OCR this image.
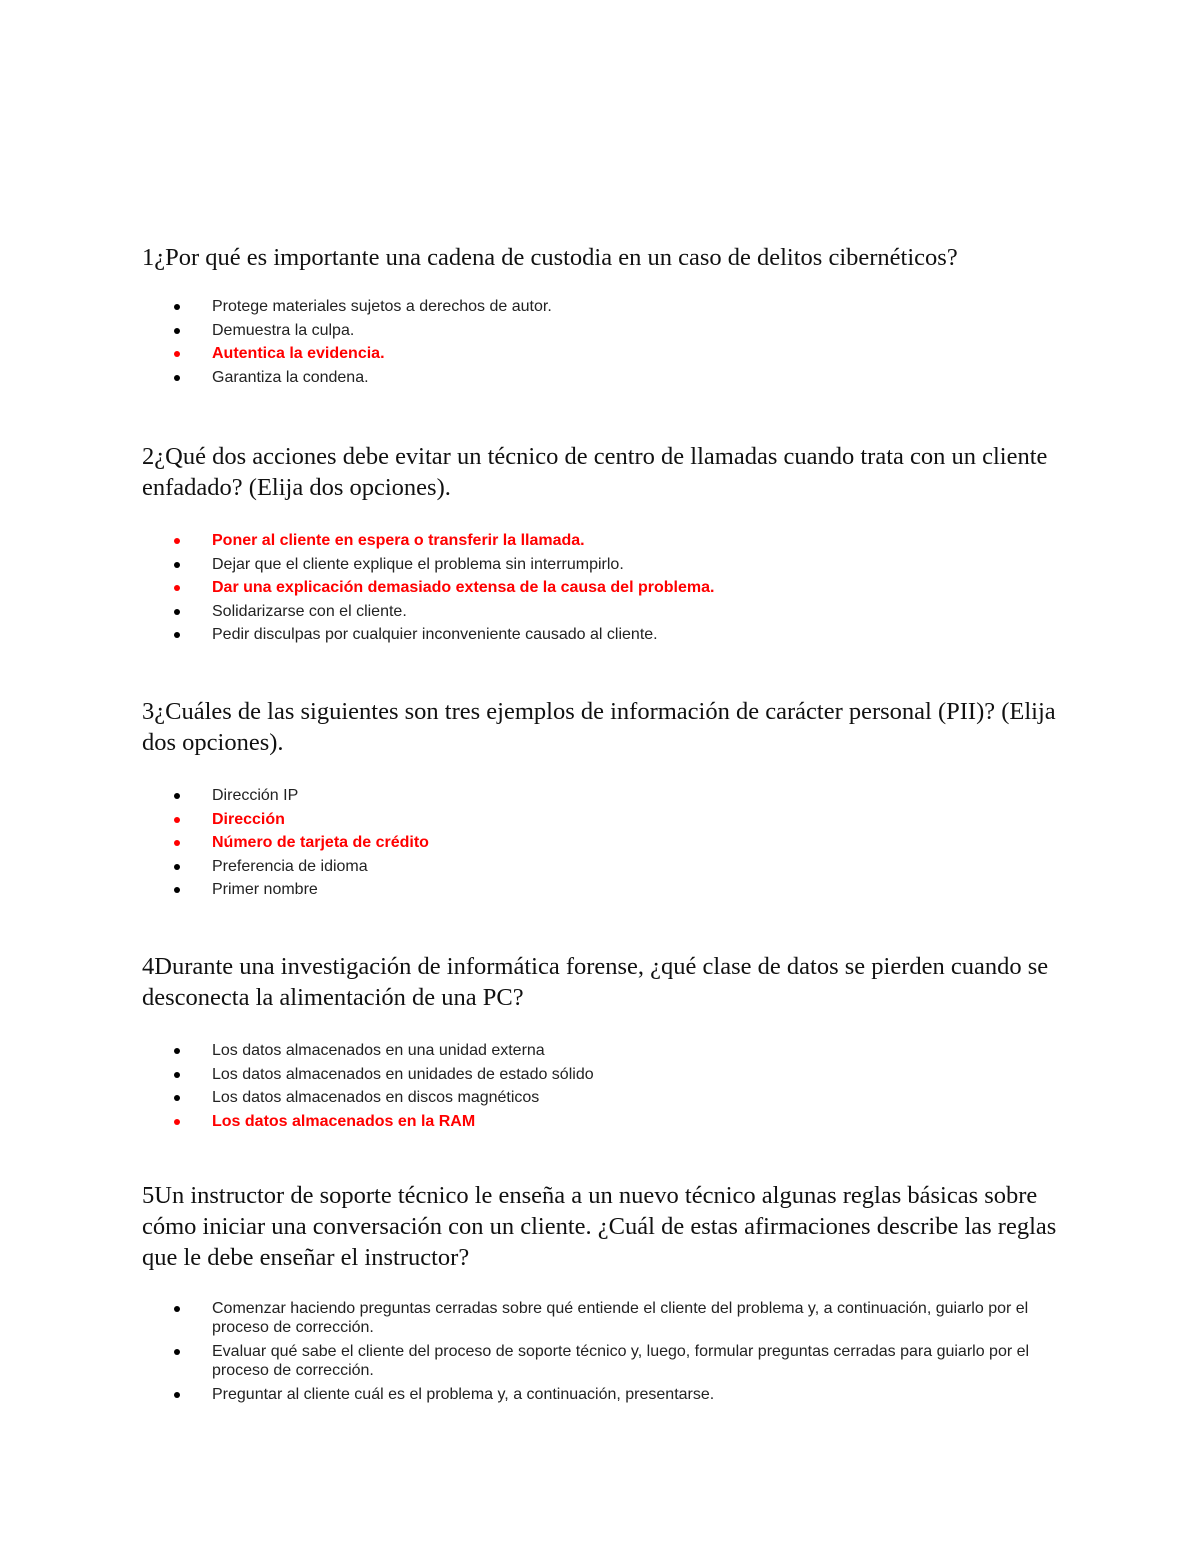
1¿Por qué es importante una cadena de custodia en un caso de delitos cibernéticos?

Protege materiales sujetos a derechos de autor.
Demuestra la culpa.
Autentica la evidencia.
Garantiza la condena.

2¿Qué dos acciones debe evitar un técnico de centro de llamadas cuando trata con un cliente enfadado? (Elija dos opciones).

Poner al cliente en espera o transferir la llamada.
Dejar que el cliente explique el problema sin interrumpirlo.
Dar una explicación demasiado extensa de la causa del problema.
Solidarizarse con el cliente.
Pedir disculpas por cualquier inconveniente causado al cliente.

3¿Cuáles de las siguientes son tres ejemplos de información de carácter personal (PII)? (Elija dos opciones).

Dirección IP
Dirección
Número de tarjeta de crédito
Preferencia de idioma
Primer nombre

4Durante una investigación de informática forense, ¿qué clase de datos se pierden cuando se desconecta la alimentación de una PC?

Los datos almacenados en una unidad externa
Los datos almacenados en unidades de estado sólido
Los datos almacenados en discos magnéticos
Los datos almacenados en la RAM

5Un instructor de soporte técnico le enseña a un nuevo técnico algunas reglas básicas sobre cómo iniciar una conversación con un cliente. ¿Cuál de estas afirmaciones describe las reglas que le debe enseñar el instructor?

Comenzar haciendo preguntas cerradas sobre qué entiende el cliente del problema y, a continuación, guiarlo por el proceso de corrección.
Evaluar qué sabe el cliente del proceso de soporte técnico y, luego, formular preguntas cerradas para guiarlo por el proceso de corrección.
Preguntar al cliente cuál es el problema y, a continuación, presentarse.
